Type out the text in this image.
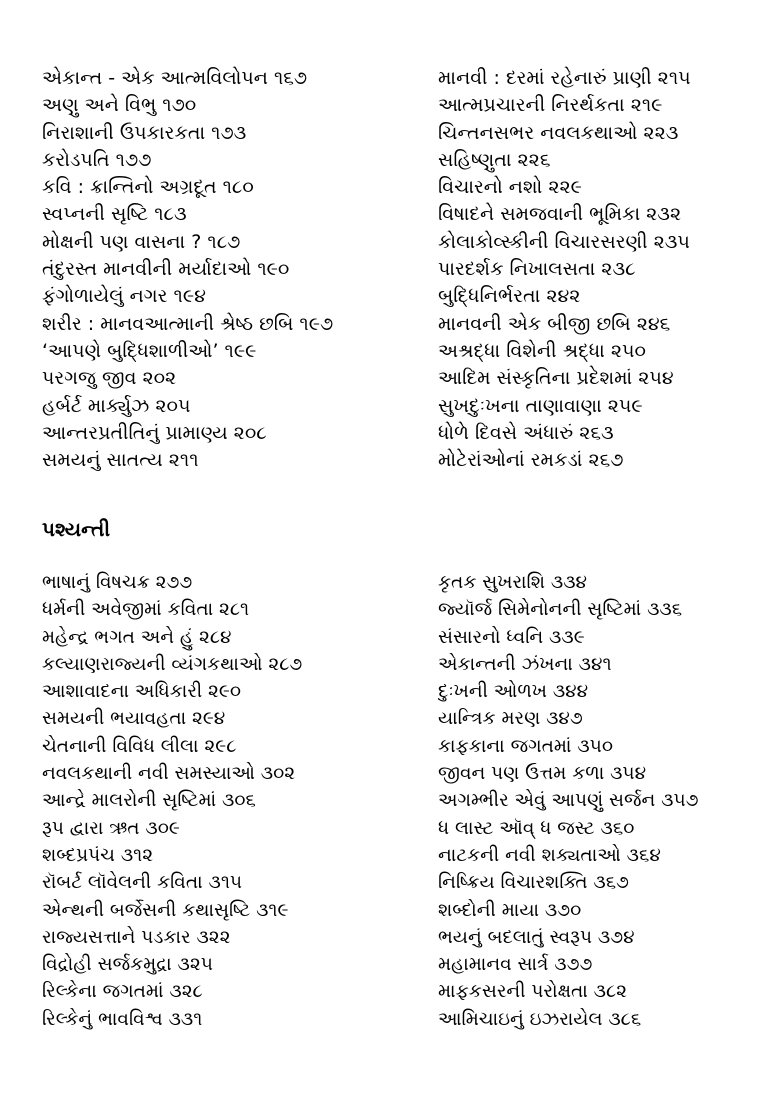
એકાન્ત - એક આત્મવિલોપન ૧૬૭
અણુ અને વિભુ ૧૭૦
નિરાશાની ઉપકારકતા ૧૭૩
કરોડપતિ ૧૭૭
કવિ : ક્રાન્તિનો અગ્રદૂત ૧૮૦
સ્વપ્નની સૃષ્ટિ ૧૮૩
મોક્ષની પણ વાસના ? ૧૮૭
તંદુરસ્ત માનવીની મર્યાદાઓ ૧૯૦
ફંગોળાયેલું નગર ૧૯૪
શરીર : માનવઆત્માની શ્રેષ્ઠ છબિ ૧૯૭
‘આપણે બુદ્ધિશાળીઓ’ ૧૯૯
પરગજુ જીવ ૨૦૨
હર્બર્ટ માર્ક્યુઝ ૨૦૫
આન્તરપ્રતીતિનું પ્રામાણ્ય ૨૦૮
સમયનું સાતત્ય ૨૧૧
માનવી : દરમાં રહેનારું પ્રાણી ૨૧૫
આત્મપ્રચારની નિરર્થકતા ૨૧૯
ચિન્તનસભર નવલકથાઓ ૨૨૩
સહિષ્ણુતા ૨૨૬
વિચારનો નશો ૨૨૯
વિષાદને સમજવાની ભૂમિકા ૨૩૨
કોલાકોવ્સ્કીની વિચારસરણી ૨૩૫
પારદર્શક નિખાલસતા ૨૩૮
બુદ્ધિનિર્ભરતા ૨૪૨
માનવની એક બીજી છબિ ૨૪૬
અશ્રદ્ધા વિશેની શ્રદ્ધા ૨૫૦
આદિમ સંસ્કૃતિના પ્રદેશમાં ૨૫૪
સુખદુઃખના તાણાવાણા ૨૫૯
ધોળે દિવસે અંધારું ૨૬૩
મોટેરાંઓનાં રમકડાં ૨૬૭
પશ્યન્તી
ભાષાનું વિષચક્ર ૨૭૭
ધર્મની અવેજીમાં કવિતા ૨૮૧
મહેન્દ્ર ભગત અને હું ૨૮૪
કલ્યાણરાજ્યની વ્યંગકથાઓ ૨૮૭
આશાવાદના અધિકારી ૨૯૦
સમયની ભયાવહતા ૨૯૪
ચેતનાની વિવિધ લીલા ૨૯૮
નવલકથાની નવી સમસ્યાઓ ૩૦૨
આન્દ્રે માલરોની સૃષ્ટિમાં ૩૦૬
રૂપ દ્વારા ઋત ૩૦૯
શબ્દપ્રપંચ ૩૧૨
રૉબર્ટ લૉવેલની કવિતા ૩૧૫
એન્થની બર્જેસની કથાસૃષ્ટિ ૩૧૯
રાજ્યસત્તાને પડકાર ૩૨૨
વિદ્રોહી સર્જકમુદ્રા ૩૨૫
રિલ્કેના જગતમાં ૩૨૮
રિલ્કેનું ભાવવિશ્વ ૩૩૧
કૃતક સુખરાશિ ૩૩૪
જ્યૉર્જ સિમેનોનની સૃષ્ટિમાં ૩૩૬
સંસારનો ધ્વનિ ૩૩૯
એકાન્તની ઝંખના ૩૪૧
દુઃખની ઓળખ ૩૪૪
યાન્ત્રિક મરણ ૩૪૭
કાફકાના જગતમાં ૩૫૦
જીવન પણ ઉત્તમ કળા ૩૫૪
અગમ્ભીર એવું આપણું સર્જન ૩૫૭
ધ લાસ્ટ ઑવ્ ધ જસ્ટ ૩૬૦
નાટકની નવી શક્યતાઓ ૩૬૪
નિષ્ક્રિય વિચારશક્તિ ૩૬૭
શબ્દોની માયા ૩૭૦
ભયનું બદલાતું સ્વરૂપ ૩૭૪
મહામાનવ સાર્ત્ર ૩૭૭
માફકસરની પરોક્ષતા ૩૮૨
આમિચાઇનું ઇઝરાયેલ ૩૮૬
